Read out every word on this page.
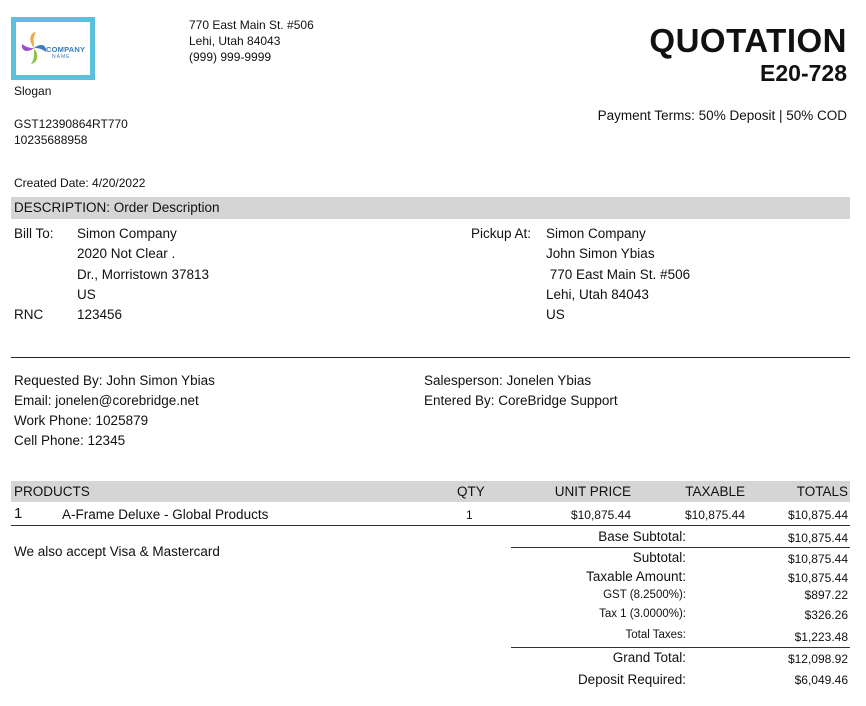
COMPANY
NAME
Slogan
770 East Main St. #506
Lehi, Utah 84043
(999) 999-9999
GST12390864RT770
10235688958
QUOTATION
E20-728
Payment Terms: 50% Deposit | 50% COD
Created Date: 4/20/2022
DESCRIPTION: Order Description
Bill To: Simon Company
2020 Not Clear .
Dr., Morristown 37813
US
RNC	123456
Pickup At: Simon Company
John Simon Ybias
770 East Main St. #506
Lehi, Utah 84043
US
Requested By: John Simon Ybias
Email: jonelen@corebridge.net
Work Phone: 1025879
Cell Phone: 12345
Salesperson: Jonelen Ybias
Entered By: CoreBridge Support
PRODUCTS	QTY	UNIT PRICE	TAXABLE	TOTALS
1	A-Frame Deluxe - Global Products	1	$10,875.44	$10,875.44	$10,875.44
We also accept Visa & Mastercard
Base Subtotal:	$10,875.44
Subtotal:	$10,875.44
Taxable Amount:	$10,875.44
GST (8.2500%):	$897.22
Tax 1 (3.0000%):	$326.26
Total Taxes:	$1,223.48
Grand Total:	$12,098.92
Deposit Required:	$6,049.46
